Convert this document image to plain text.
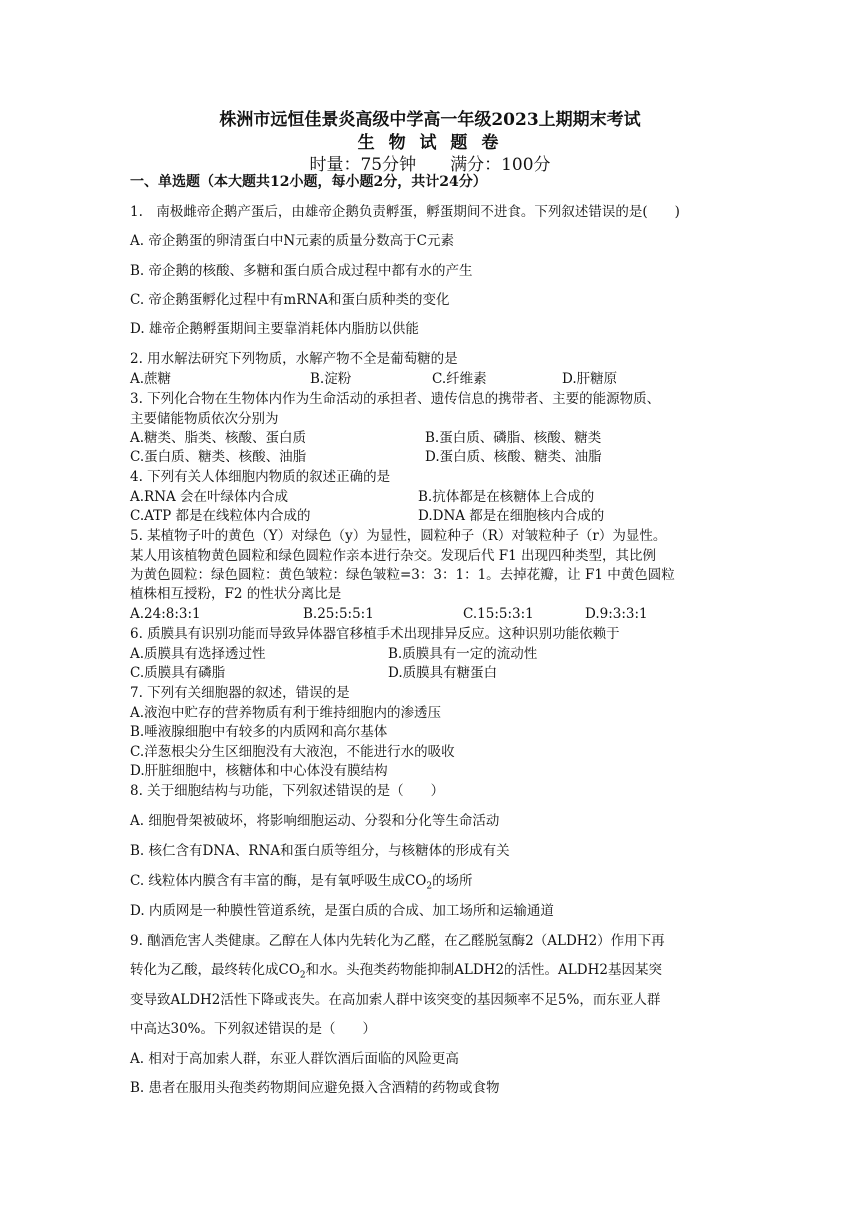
株洲市远恒佳景炎高级中学高一年级2023上期期末考试
生 物 试 题 卷
时量：75分钟　　满分：100分
一、单选题（本大题共12小题，每小题2分，共计24分）
1.　南极雌帝企鹅产蛋后，由雄帝企鹅负责孵蛋，孵蛋期间不进食。下列叙述错误的是(　　)
A. 帝企鹅蛋的卵清蛋白中N元素的质量分数高于C元素
B. 帝企鹅的核酸、多糖和蛋白质合成过程中都有水的产生
C. 帝企鹅蛋孵化过程中有mRNA和蛋白质种类的变化
D. 雄帝企鹅孵蛋期间主要靠消耗体内脂肪以供能
2. 用水解法研究下列物质，水解产物不全是葡萄糖的是
A.蔗糖	B.淀粉	C.纤维素	D.肝糖原
3. 下列化合物在生物体内作为生命活动的承担者、遗传信息的携带者、主要的能源物质、
主要储能物质依次分别为
A.糖类、脂类、核酸、蛋白质	B.蛋白质、磷脂、核酸、糖类
C.蛋白质、糖类、核酸、油脂	D.蛋白质、核酸、糖类、油脂
4. 下列有关人体细胞内物质的叙述正确的是
A.RNA 会在叶绿体内合成	B.抗体都是在核糖体上合成的
C.ATP 都是在线粒体内合成的	D.DNA 都是在细胞核内合成的
5. 某植物子叶的黄色（Y）对绿色（y）为显性，圆粒种子（R）对皱粒种子（r）为显性。
某人用该植物黄色圆粒和绿色圆粒作亲本进行杂交。发现后代 F1 出现四种类型，其比例
为黄色圆粒：绿色圆粒：黄色皱粒：绿色皱粒=3：3：1：1。去掉花瓣，让 F1 中黄色圆粒
植株相互授粉，F2 的性状分离比是
A.24:8:3:1	B.25:5:5:1	C.15:5:3:1	D.9:3:3:1
6. 质膜具有识别功能而导致异体器官移植手术出现排异反应。这种识别功能依赖于
A.质膜具有选择透过性	B.质膜具有一定的流动性
C.质膜具有磷脂	D.质膜具有糖蛋白
7. 下列有关细胞器的叙述，错误的是
A.液泡中贮存的营养物质有利于维持细胞内的渗透压
B.唾液腺细胞中有较多的内质网和高尔基体
C.洋葱根尖分生区细胞没有大液泡，不能进行水的吸收
D.肝脏细胞中，核糖体和中心体没有膜结构
8. 关于细胞结构与功能，下列叙述错误的是（　　）
A. 细胞骨架被破坏，将影响细胞运动、分裂和分化等生命活动
B. 核仁含有DNA、RNA和蛋白质等组分，与核糖体的形成有关
C. 线粒体内膜含有丰富的酶，是有氧呼吸生成$CO_2$的场所
D. 内质网是一种膜性管道系统，是蛋白质的合成、加工场所和运输通道
9. 酗酒危害人类健康。乙醇在人体内先转化为乙醛，在乙醛脱氢酶2（ALDH2）作用下再
转化为乙酸，最终转化成$CO_2$和水。头孢类药物能抑制ALDH2的活性。ALDH2基因某突
变导致ALDH2活性下降或丧失。在高加索人群中该突变的基因频率不足5%，而东亚人群
中高达30%。下列叙述错误的是（　　）
A. 相对于高加索人群，东亚人群饮酒后面临的风险更高
B. 患者在服用头孢类药物期间应避免摄入含酒精的药物或食物
